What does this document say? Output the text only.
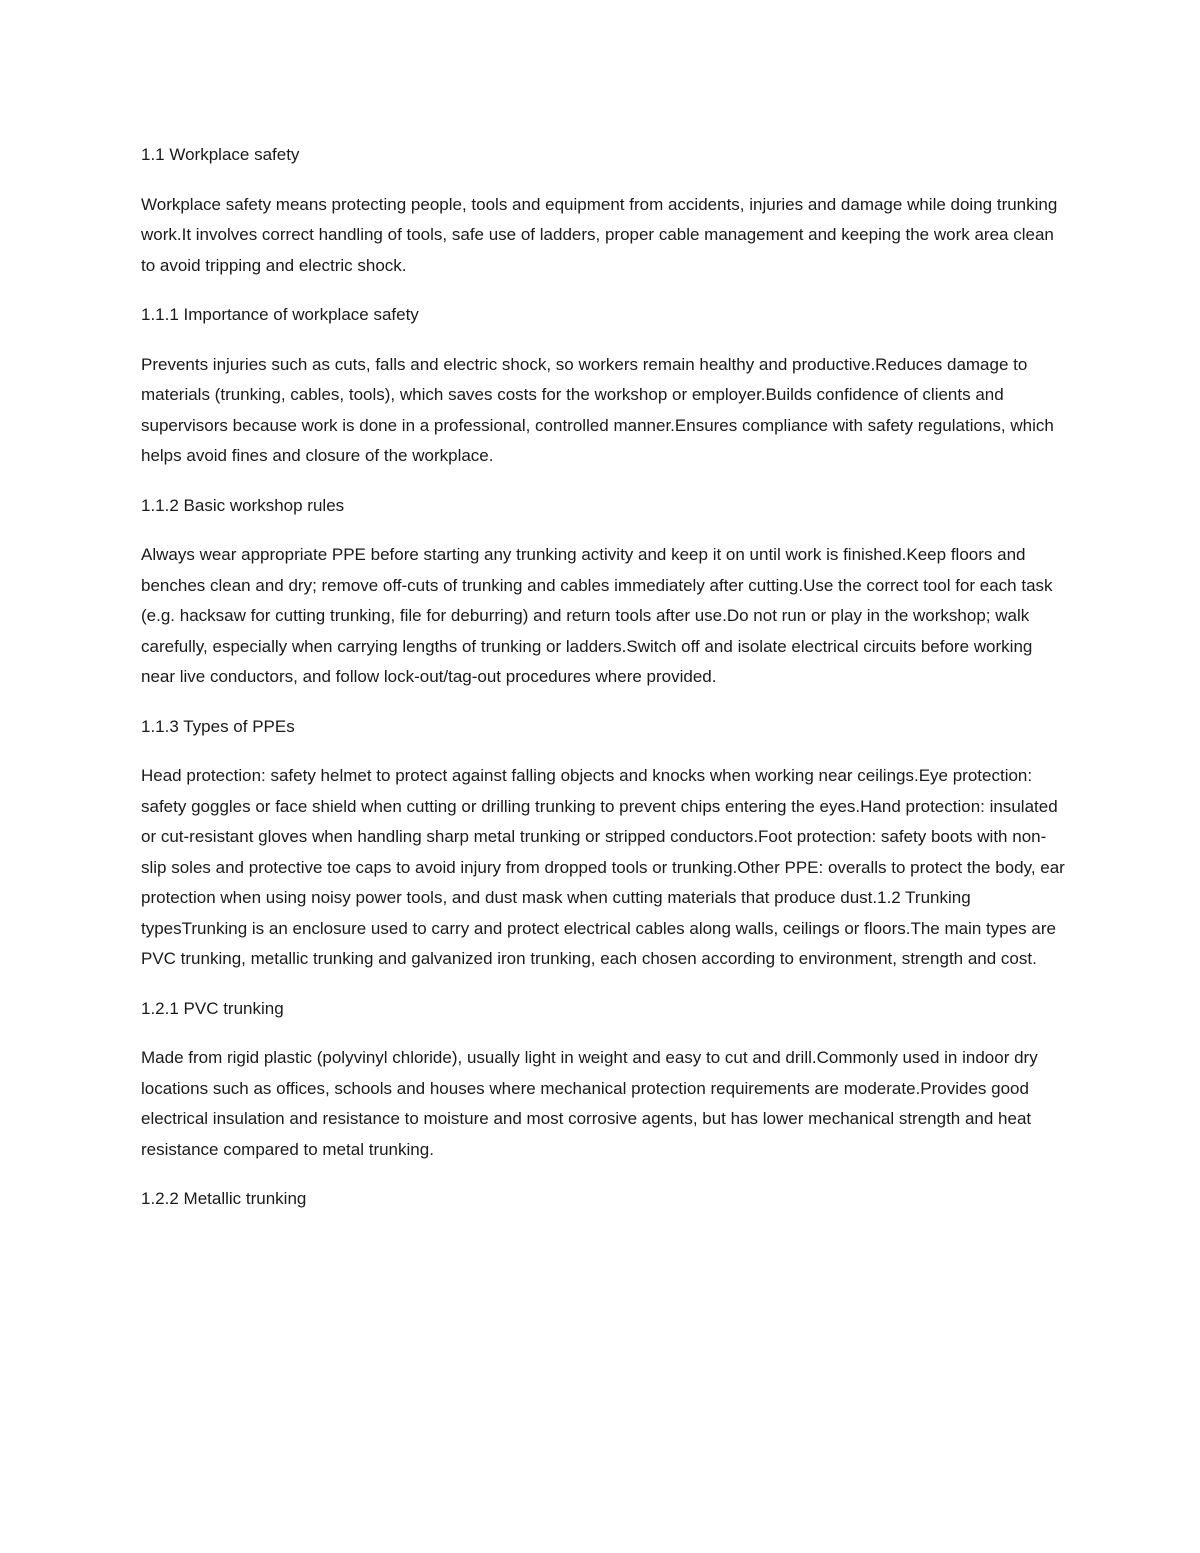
1.1 Workplace safety

Workplace safety means protecting people, tools and equipment from accidents, injuries and damage while doing trunking work.It involves correct handling of tools, safe use of ladders, proper cable management and keeping the work area clean to avoid tripping and electric shock.

1.1.1 Importance of workplace safety

Prevents injuries such as cuts, falls and electric shock, so workers remain healthy and productive.Reduces damage to materials (trunking, cables, tools), which saves costs for the workshop or employer.Builds confidence of clients and supervisors because work is done in a professional, controlled manner.Ensures compliance with safety regulations, which helps avoid fines and closure of the workplace.

1.1.2 Basic workshop rules

Always wear appropriate PPE before starting any trunking activity and keep it on until work is finished.Keep floors and benches clean and dry; remove off-cuts of trunking and cables immediately after cutting.Use the correct tool for each task (e.g. hacksaw for cutting trunking, file for deburring) and return tools after use.Do not run or play in the workshop; walk carefully, especially when carrying lengths of trunking or ladders.Switch off and isolate electrical circuits before working near live conductors, and follow lock-out/tag-out procedures where provided.

1.1.3 Types of PPEs

Head protection: safety helmet to protect against falling objects and knocks when working near ceilings.Eye protection: safety goggles or face shield when cutting or drilling trunking to prevent chips entering the eyes.Hand protection: insulated or cut-resistant gloves when handling sharp metal trunking or stripped conductors.Foot protection: safety boots with non-slip soles and protective toe caps to avoid injury from dropped tools or trunking.Other PPE: overalls to protect the body, ear protection when using noisy power tools, and dust mask when cutting materials that produce dust.1.2 Trunking typesTrunking is an enclosure used to carry and protect electrical cables along walls, ceilings or floors.The main types are PVC trunking, metallic trunking and galvanized iron trunking, each chosen according to environment, strength and cost.

1.2.1 PVC trunking

Made from rigid plastic (polyvinyl chloride), usually light in weight and easy to cut and drill.Commonly used in indoor dry locations such as offices, schools and houses where mechanical protection requirements are moderate.Provides good electrical insulation and resistance to moisture and most corrosive agents, but has lower mechanical strength and heat resistance compared to metal trunking.

1.2.2 Metallic trunking
